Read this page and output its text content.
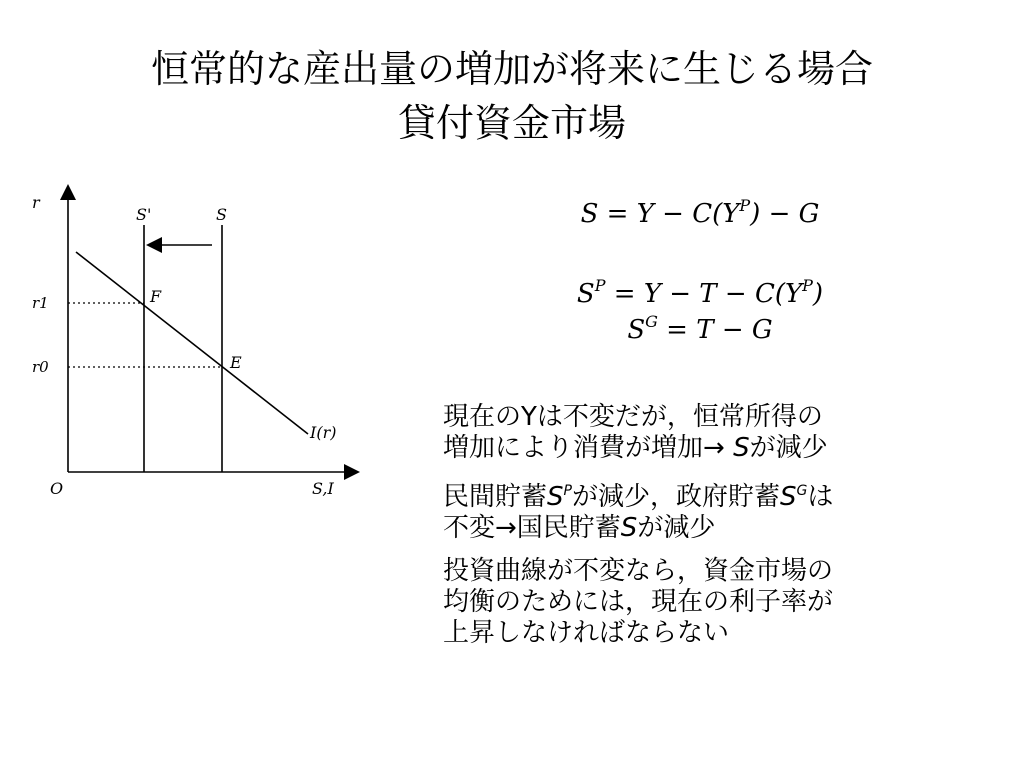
恒常的な産出量の増加が将来に生じる場合
貸付資金市場
r
O	S,I
S'	S
I(r)
r1
r0
F
E
$S = Y - C(Y^P) - G$
$S^P = Y - T - C(Y^P)$
$S^G = T - G$
現在のYは不変だが，恒常所得の
増加により消費が増加→ Sが減少
民間貯蓄$S^P$が減少，政府貯蓄$S^G$は
不変→国民貯蓄Sが減少
投資曲線が不変なら，資金市場の
均衡のためには，現在の利子率が
上昇しなければならない
